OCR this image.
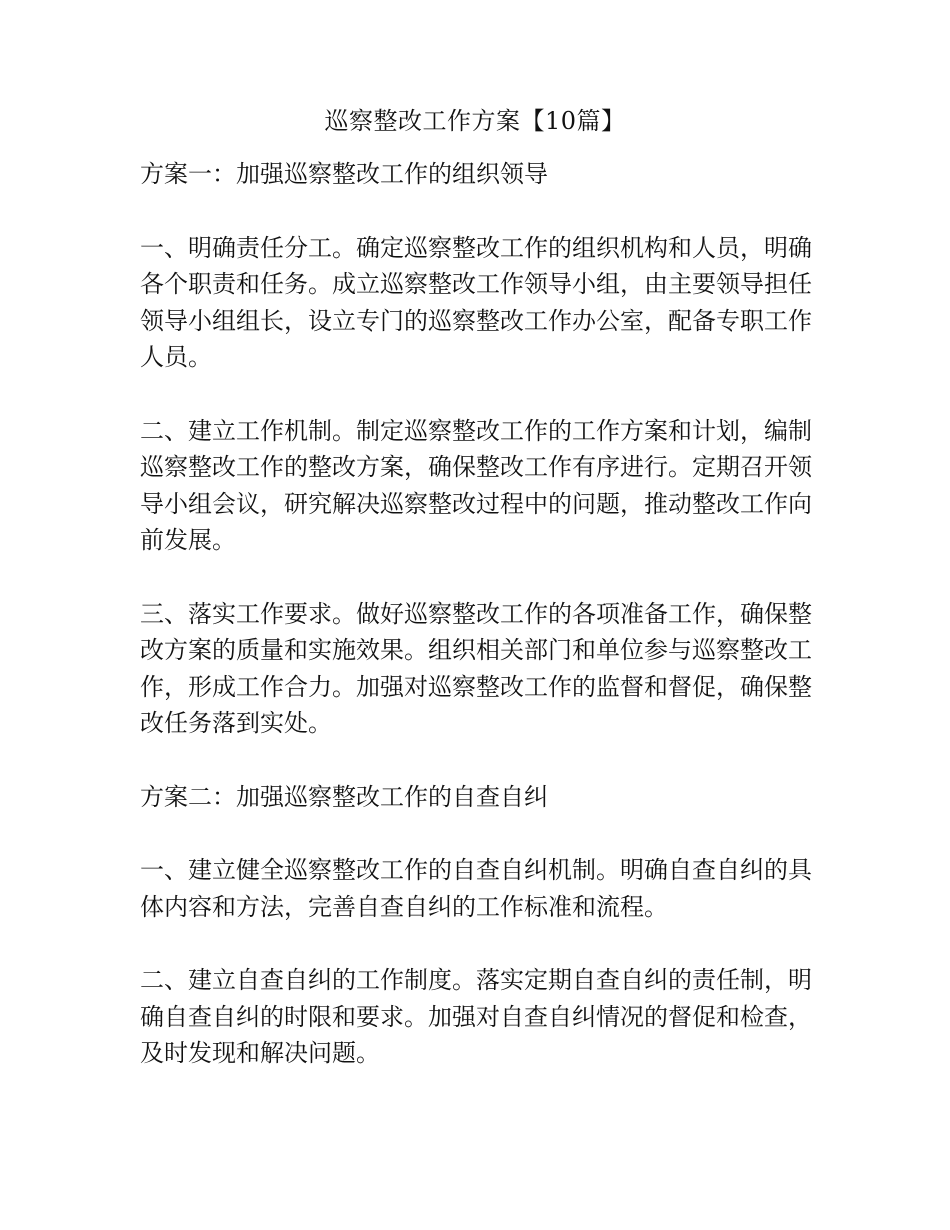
巡察整改工作方案【10篇】

方案一：加强巡察整改工作的组织领导

一、明确责任分工。确定巡察整改工作的组织机构和人员，明确各个职责和任务。成立巡察整改工作领导小组，由主要领导担任领导小组组长，设立专门的巡察整改工作办公室，配备专职工作人员。

二、建立工作机制。制定巡察整改工作的工作方案和计划，编制巡察整改工作的整改方案，确保整改工作有序进行。定期召开领导小组会议，研究解决巡察整改过程中的问题，推动整改工作向前发展。

三、落实工作要求。做好巡察整改工作的各项准备工作，确保整改方案的质量和实施效果。组织相关部门和单位参与巡察整改工作，形成工作合力。加强对巡察整改工作的监督和督促，确保整改任务落到实处。

方案二：加强巡察整改工作的自查自纠

一、建立健全巡察整改工作的自查自纠机制。明确自查自纠的具体内容和方法，完善自查自纠的工作标准和流程。

二、建立自查自纠的工作制度。落实定期自查自纠的责任制，明确自查自纠的时限和要求。加强对自查自纠情况的督促和检查，及时发现和解决问题。
